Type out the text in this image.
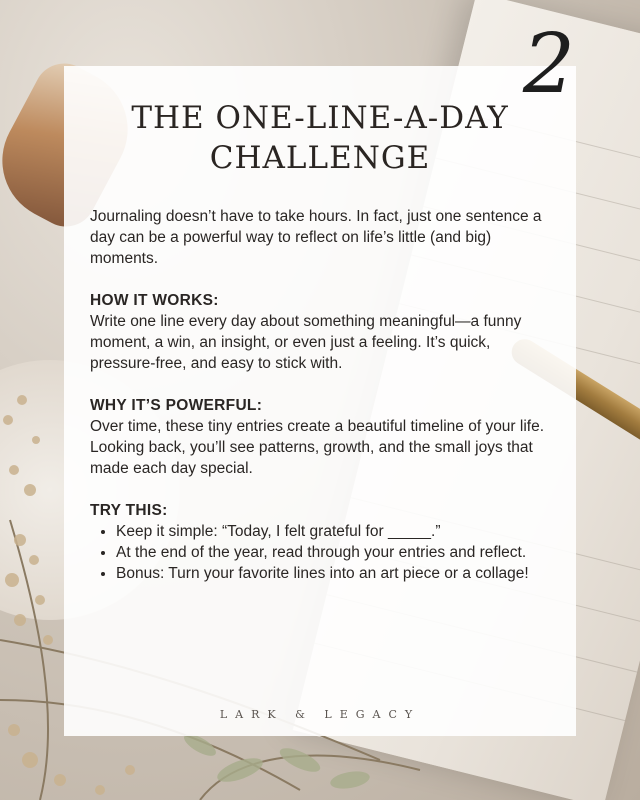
THE ONE-LINE-A-DAY
CHALLENGE

Journaling doesn’t have to take hours. In fact, just one sentence a day can be a powerful way to reflect on life’s little (and big) moments.

HOW IT WORKS:

Write one line every day about something meaningful—a funny moment, a win, an insight, or even just a feeling. It’s quick, pressure-free, and easy to stick with.

WHY IT’S POWERFUL:

Over time, these tiny entries create a beautiful timeline of your life. Looking back, you’ll see patterns, growth, and the small joys that made each day special.

TRY THIS:

• Keep it simple: “Today, I felt grateful for _____.”
• At the end of the year, read through your entries and reflect.
• Bonus: Turn your favorite lines into an art piece or a collage!
LARK & LEGACY
2
